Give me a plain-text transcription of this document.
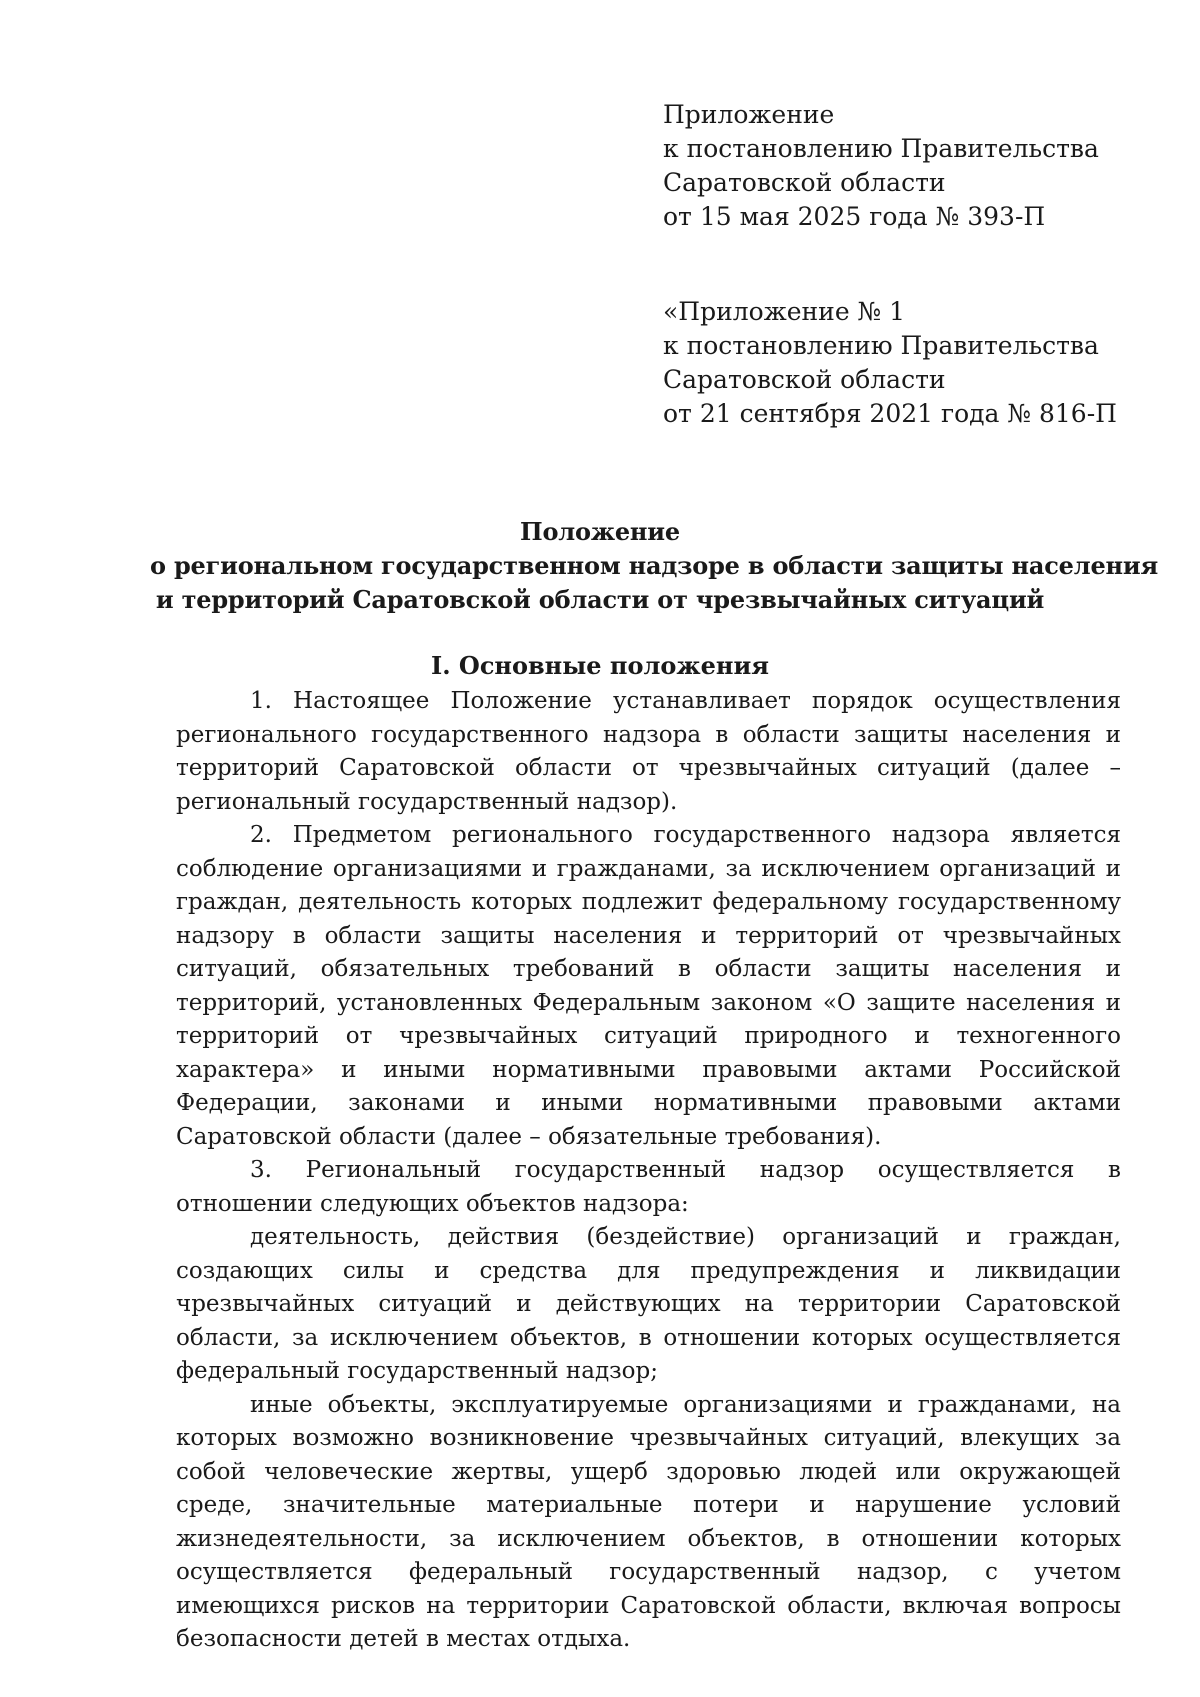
Приложение
к постановлению Правительства
Саратовской области
от 15 мая 2025 года № 393-П
«Приложение № 1
к постановлению Правительства
Саратовской области
от 21 сентября 2021 года № 816-П
Положение
о региональном государственном надзоре в области защиты населения
и территорий Саратовской области от чрезвычайных ситуаций
I. Основные положения

1. Настоящее Положение устанавливает порядок осуществления регионального государственного надзора в области защиты населения и территорий Саратовской области от чрезвычайных ситуаций (далее – региональный государственный надзор).

2. Предметом регионального государственного надзора является соблюдение организациями и гражданами, за исключением организаций и граждан, деятельность которых подлежит федеральному государственному надзору в области защиты населения и территорий от чрезвычайных ситуаций, обязательных требований в области защиты населения и территорий, установленных Федеральным законом «О защите населения и территорий от чрезвычайных ситуаций природного и техногенного характера» и иными нормативными правовыми актами Российской Федерации, законами и иными нормативными правовыми актами Саратовской области (далее – обязательные требования).

3. Региональный государственный надзор осуществляется в отношении следующих объектов надзора:

деятельность, действия (бездействие) организаций и граждан, создающих силы и средства для предупреждения и ликвидации чрезвычайных ситуаций и действующих на территории Саратовской области, за исключением объектов, в отношении которых осуществляется федеральный государственный надзор;

иные объекты, эксплуатируемые организациями и гражданами, на которых возможно возникновение чрезвычайных ситуаций, влекущих за собой человеческие жертвы, ущерб здоровью людей или окружающей среде, значительные материальные потери и нарушение условий жизнедеятельности, за исключением объектов, в отношении которых осуществляется федеральный государственный надзор, с учетом имеющихся рисков на территории Саратовской области, включая вопросы безопасности детей в местах отдыха.
